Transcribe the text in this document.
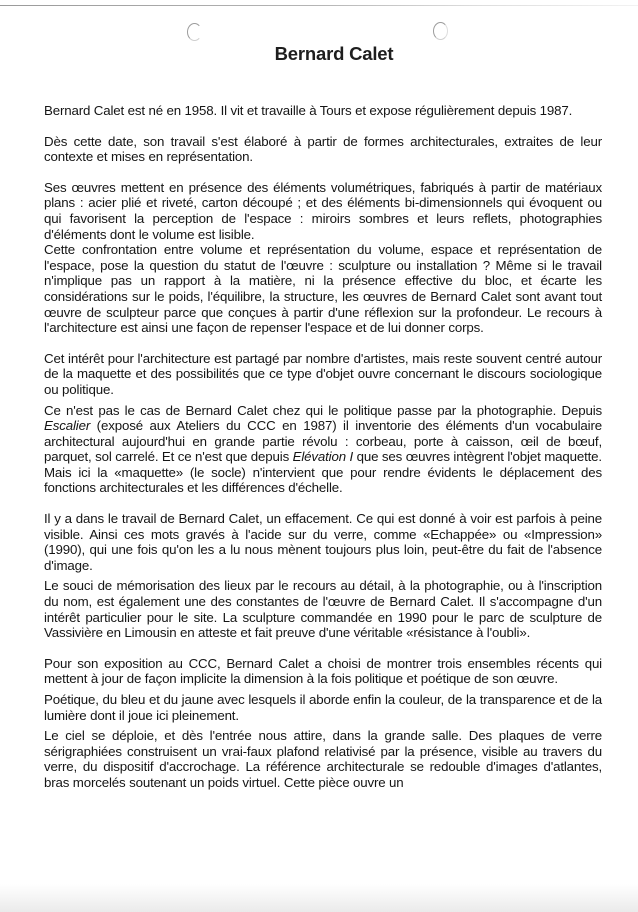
Bernard Calet

Bernard Calet est né en 1958. Il vit et travaille à Tours et expose régulièrement depuis 1987.

Dès cette date, son travail s'est élaboré à partir de formes architecturales, extraites de leur contexte et mises en représentation.

Ses œuvres mettent en présence des éléments volumétriques, fabriqués à partir de matériaux plans : acier plié et riveté, carton découpé ; et des éléments bi-dimensionnels qui évoquent ou qui favorisent la perception de l'espace : miroirs sombres et leurs reflets, photographies d'éléments dont le volume est lisible.

Cette confrontation entre volume et représentation du volume, espace et représentation de l'espace, pose la question du statut de l'œuvre : sculpture ou installation ? Même si le travail n'implique pas un rapport à la matière, ni la présence effective du bloc, et écarte les considérations sur le poids, l'équilibre, la structure, les œuvres de Bernard Calet sont avant tout œuvre de sculpteur parce que conçues à partir d'une réflexion sur la profondeur. Le recours à l'architecture est ainsi une façon de repenser l'espace et de lui donner corps.

Cet intérêt pour l'architecture est partagé par nombre d'artistes, mais reste souvent centré autour de la maquette et des possibilités que ce type d'objet ouvre concernant le discours sociologique ou politique.

Ce n'est pas le cas de Bernard Calet chez qui le politique passe par la photographie. Depuis Escalier (exposé aux Ateliers du CCC en 1987) il inventorie des éléments d'un vocabulaire architectural aujourd'hui en grande partie révolu : corbeau, porte à caisson, œil de bœuf, parquet, sol carrelé. Et ce n'est que depuis Elévation I que ses œuvres intègrent l'objet maquette. Mais ici la «maquette» (le socle) n'intervient que pour rendre évidents le déplacement des fonctions architecturales et les différences d'échelle.

Il y a dans le travail de Bernard Calet, un effacement. Ce qui est donné à voir est parfois à peine visible. Ainsi ces mots gravés à l'acide sur du verre, comme «Echappée» ou «Impression» (1990), qui une fois qu'on les a lu nous mènent toujours plus loin, peut-être du fait de l'absence d'image.

Le souci de mémorisation des lieux par le recours au détail, à la photographie, ou à l'inscription du nom, est également une des constantes de l'œuvre de Bernard Calet. Il s'accompagne d'un intérêt particulier pour le site. La sculpture commandée en 1990 pour le parc de sculpture de Vassivière en Limousin en atteste et fait preuve d'une véritable «résistance à l'oubli».

Pour son exposition au CCC, Bernard Calet a choisi de montrer trois ensembles récents qui mettent à jour de façon implicite la dimension à la fois politique et poétique de son œuvre.

Poétique, du bleu et du jaune avec lesquels il aborde enfin la couleur, de la transparence et de la lumière dont il joue ici pleinement.

Le ciel se déploie, et dès l'entrée nous attire, dans la grande salle. Des plaques de verre sérigraphiées construisent un vrai-faux plafond relativisé par la présence, visible au travers du verre, du dispositif d'accrochage. La référence architecturale se redouble d'images d'atlantes, bras morcelés soutenant un poids virtuel. Cette pièce ouvre un
